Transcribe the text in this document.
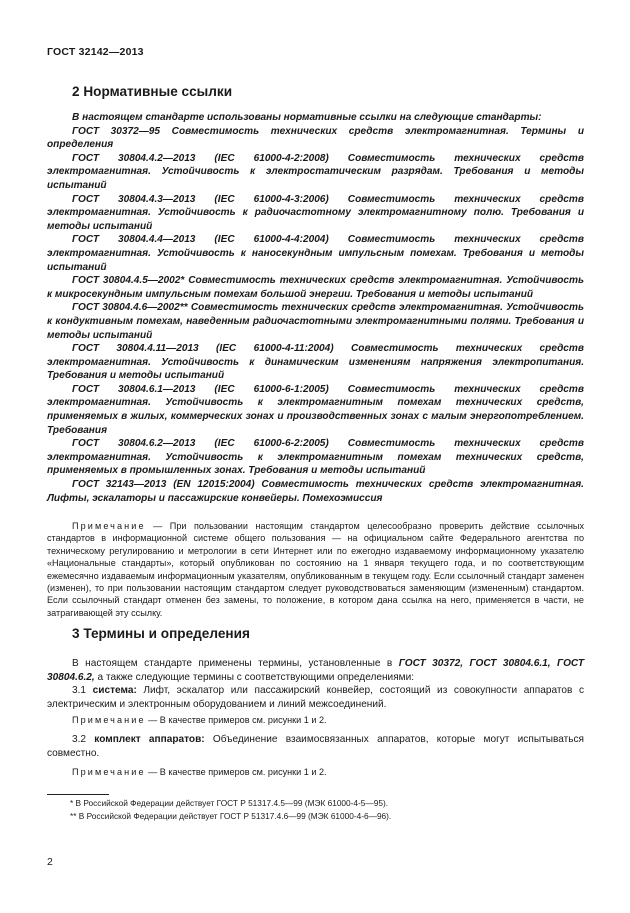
ГОСТ 32142—2013
2 Нормативные ссылки

В настоящем стандарте использованы нормативные ссылки на следующие стандарты:

ГОСТ 30372—95 Совместимость технических средств электромагнитная. Термины и определения

ГОСТ 30804.4.2—2013 (IEC 61000-4-2:2008) Совместимость технических средств электромагнитная. Устойчивость к электростатическим разрядам. Требования и методы испытаний

ГОСТ 30804.4.3—2013 (IEC 61000-4-3:2006) Совместимость технических средств электромагнитная. Устойчивость к радиочастотному электромагнитному полю. Требования и методы испытаний

ГОСТ 30804.4.4—2013 (IEC 61000-4-4:2004) Совместимость технических средств электромагнитная. Устойчивость к наносекундным импульсным помехам. Требования и методы испытаний

ГОСТ 30804.4.5—2002* Совместимость технических средств электромагнитная. Устойчивость к микросекундным импульсным помехам большой энергии. Требования и методы испытаний

ГОСТ 30804.4.6—2002** Совместимость технических средств электромагнитная. Устойчивость к кондуктивным помехам, наведенным радиочастотными электромагнитными полями. Требования и методы испытаний

ГОСТ 30804.4.11—2013 (IEC 61000-4-11:2004) Совместимость технических средств электромагнитная. Устойчивость к динамическим изменениям напряжения электропитания. Требования и методы испытаний

ГОСТ 30804.6.1—2013 (IEC 61000-6-1:2005) Совместимость технических средств электромагнитная. Устойчивость к электромагнитным помехам технических средств, применяемых в жилых, коммерческих зонах и производственных зонах с малым энергопотреблением. Требования

ГОСТ 30804.6.2—2013 (IEC 61000-6-2:2005) Совместимость технических средств электромагнитная. Устойчивость к электромагнитным помехам технических средств, применяемых в промышленных зонах. Требования и методы испытаний

ГОСТ 32143—2013 (EN 12015:2004) Совместимость технических средств электромагнитная. Лифты, эскалаторы и пассажирские конвейеры. Помехоэмиссия

Примечание — При пользовании настоящим стандартом целесообразно проверить действие ссылочных стандартов в информационной системе общего пользования — на официальном сайте Федерального агентства по техническому регулированию и метрологии в сети Интернет или по ежегодно издаваемому информационному указателю «Национальные стандарты», который опубликован по состоянию на 1 января текущего года, и по соответствующим ежемесячно издаваемым информационным указателям, опубликованным в текущем году. Если ссылочный стандарт заменен (изменен), то при пользовании настоящим стандартом следует руководствоваться заменяющим (измененным) стандартом. Если ссылочный стандарт отменен без замены, то положение, в котором дана ссылка на него, применяется в части, не затрагивающей эту ссылку.

3 Термины и определения

В настоящем стандарте применены термины, установленные в ГОСТ 30372, ГОСТ 30804.6.1, ГОСТ 30804.6.2, а также следующие термины с соответствующими определениями:

3.1 система: Лифт, эскалатор или пассажирский конвейер, состоящий из совокупности аппаратов с электрическим и электронным оборудованием и линий межсоединений.

Примечание — В качестве примеров см. рисунки 1 и 2.

3.2 комплект аппаратов: Объединение взаимосвязанных аппаратов, которые могут испытываться совместно.

Примечание — В качестве примеров см. рисунки 1 и 2.

* В Российской Федерации действует ГОСТ Р 51317.4.5—99 (МЭК 61000-4-5—95).
** В Российской Федерации действует ГОСТ Р 51317.4.6—99 (МЭК 61000-4-6—96).
2
